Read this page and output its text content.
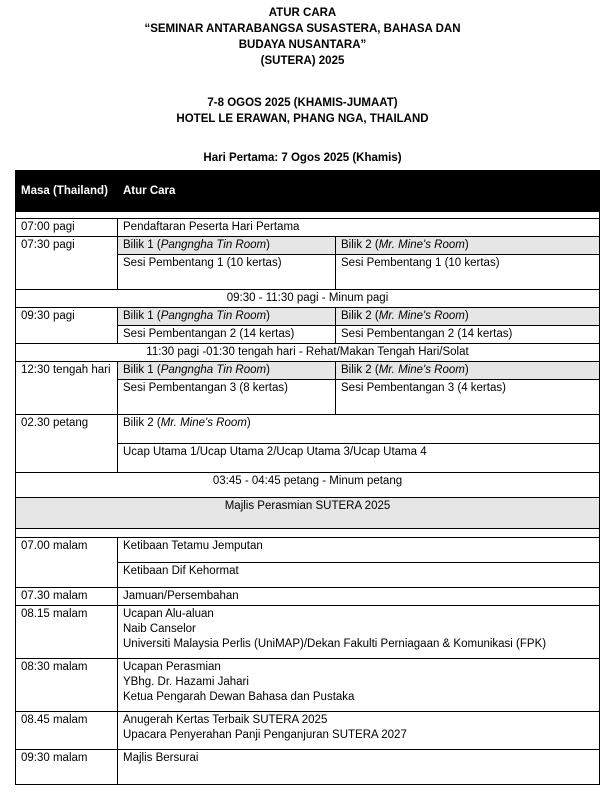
ATUR CARA
“SEMINAR ANTARABANGSA SUSASTERA, BAHASA DAN
BUDAYA NUSANTARA”
(SUTERA) 2025
7-8 OGOS 2025 (KHAMIS-JUMAAT)
HOTEL LE ERAWAN, PHANG NGA, THAILAND
Hari Pertama: 7 Ogos 2025 (Khamis)
Masa (Thailand)	Atur Cara	

07:00 pagi	Pendaftaran Peserta Hari Pertama	
07:30 pagi	Bilik 1 (Pangngha Tin Room)	Bilik 2 (Mr. Mine's Room)
	Sesi Pembentang 1 (10 kertas)	Sesi Pembentang 1 (10 kertas)
09:30 - 11:30 pagi - Minum pagi		
09:30 pagi	Bilik 1 (Pangngha Tin Room)	Bilik 2 (Mr. Mine's Room)
	Sesi Pembentangan 2 (14 kertas)	Sesi Pembentangan 2 (14 kertas)
11:30 pagi -01:30 tengah hari - Rehat/Makan Tengah Hari/Solat		
12:30 tengah hari	Bilik 1 (Pangngha Tin Room)	Bilik 2 (Mr. Mine's Room)
	Sesi Pembentangan 3 (8 kertas)	Sesi Pembentangan 3 (4 kertas)
02.30 petang	Bilik 2 (Mr. Mine's Room)	
	Ucap Utama 1/Ucap Utama 2/Ucap Utama 3/Ucap Utama 4	
03:45 - 04:45 petang - Minum petang		
Majlis Perasmian SUTERA 2025		

07.00 malam	Ketibaan Tetamu Jemputan	
	Ketibaan Dif Kehormat	
07.30 malam	Jamuan/Persembahan	
08.15 malam	Ucapan Alu-aluan
Naib Canselor
Universiti Malaysia Perlis (UniMAP)/Dekan Fakulti Perniagaan & Komunikasi (FPK)	

08:30 malam	Ucapan Perasmian
YBhg. Dr. Hazami Jahari
Ketua Pengarah Dewan Bahasa dan Pustaka	

08.45 malam	Anugerah Kertas Terbaik SUTERA 2025
Upacara Penyerahan Panji Penganjuran SUTERA 2027	

09:30 malam	Majlis Bersurai	
